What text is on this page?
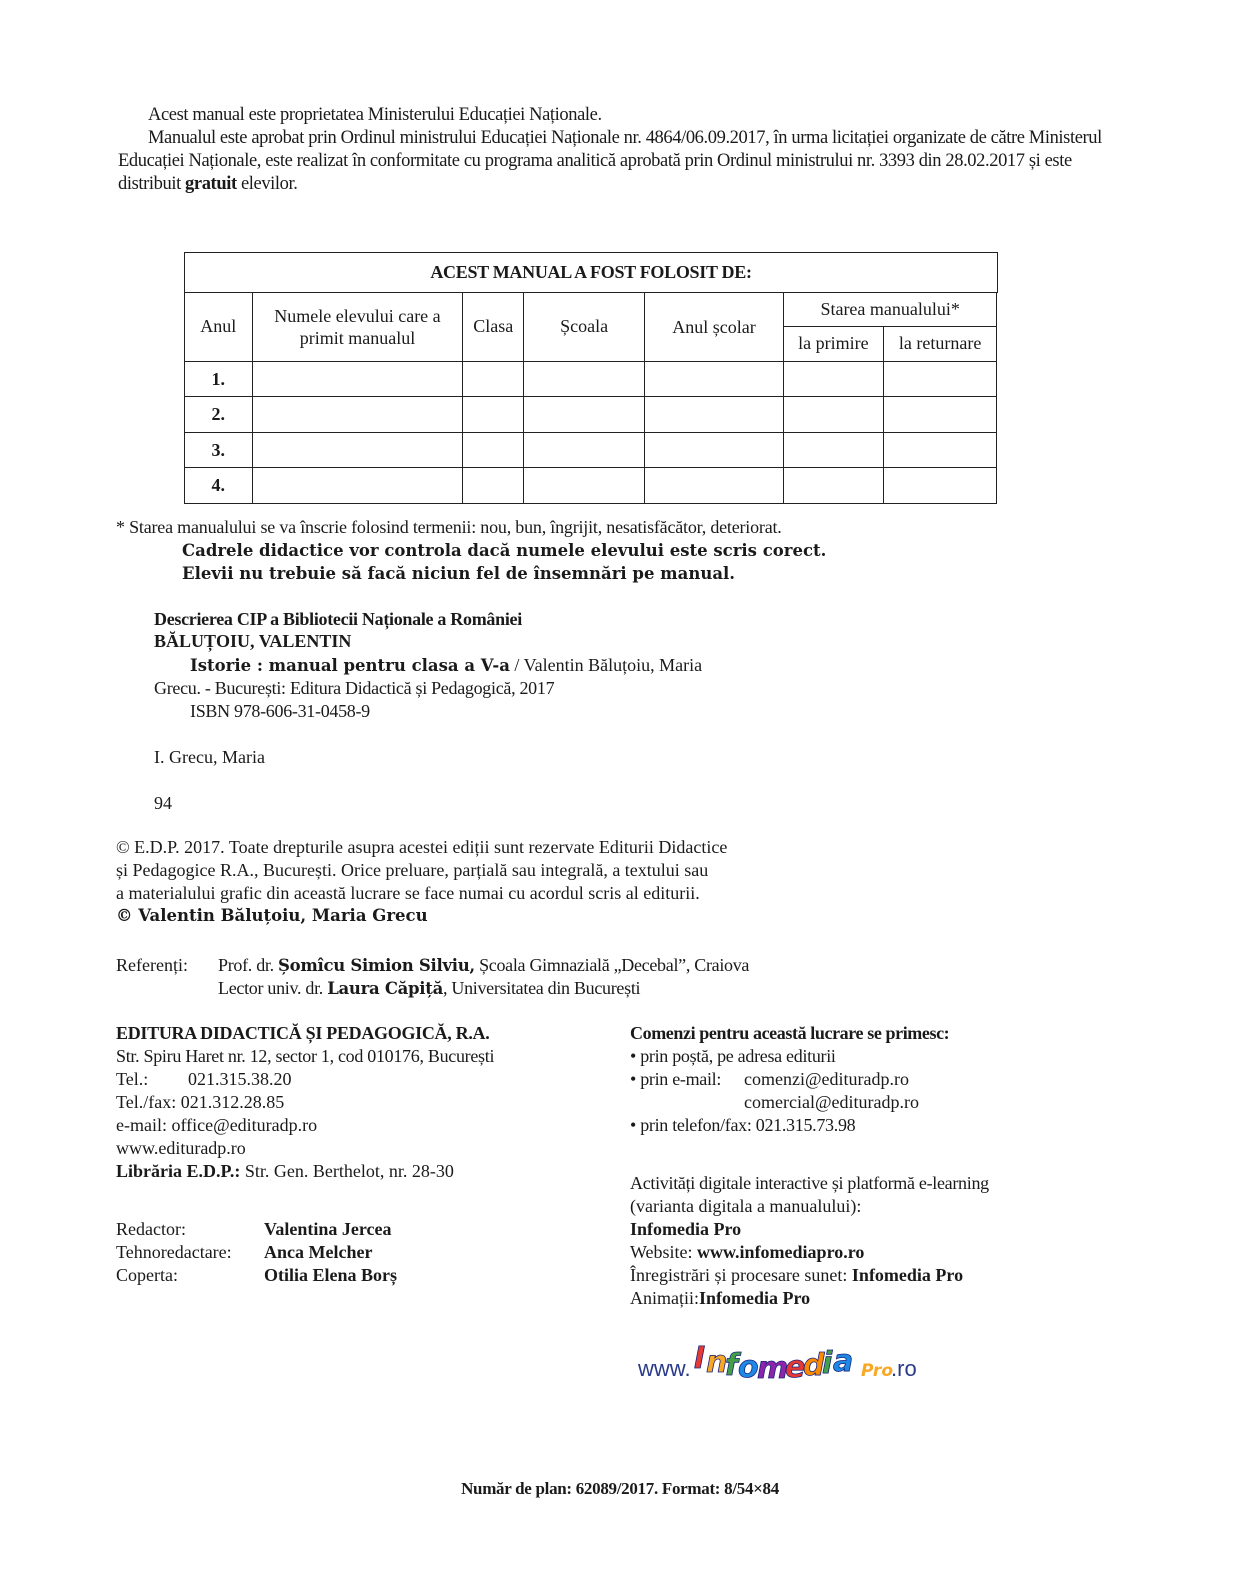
Acest manual este proprietatea Ministerului Educației Naționale.

Manualul este aprobat prin Ordinul ministrului Educației Naționale nr. 4864/06.09.2017, în urma licitației organizate de către Ministerul Educației Naționale, este realizat în conformitate cu programa analitică aprobată prin Ordinul ministrului nr. 3393 din 28.02.2017 și este distribuit gratuit elevilor.

ACEST MANUAL A FOST FOLOSIT DE:							
Anul	Numele elevului care a primit manualul	Clasa	Școala	Anul școlar	Starea manualului*		
					la primire	la returnare	
1.							
2.							
3.							
4.							
* Starea manualului se va înscrie folosind termenii: nou, bun, îngrijit, nesatisfăcător, deteriorat.
Cadrele didactice vor controla dacă numele elevului este scris corect.
Elevii nu trebuie să facă niciun fel de însemnări pe manual.
Descrierea CIP a Bibliotecii Naționale a României
BĂLUȚOIU, VALENTIN
Istorie : manual pentru clasa a V-a / Valentin Băluțoiu, Maria
Grecu. - București: Editura Didactică și Pedagogică, 2017
ISBN 978-606-31-0458-9
I. Grecu, Maria
94
© E.D.P. 2017. Toate drepturile asupra acestei ediții sunt rezervate Editurii Didactice
și Pedagogice R.A., București. Orice preluare, parțială sau integrală, a textului sau
a materialului grafic din această lucrare se face numai cu acordul scris al editurii.
© Valentin Băluțoiu, Maria Grecu
Referenți: Prof. dr. Șomîcu Simion Silviu, Școala Gimnazială „Decebal”, Craiova
Lector univ. dr. Laura Căpiță, Universitatea din București
EDITURA DIDACTICĂ ȘI PEDAGOGICĂ, R.A.
Str. Spiru Haret nr. 12, sector 1, cod 010176, București
Tel.: 021.315.38.20
Tel./fax: 021.312.28.85
e-mail: office@edituradp.ro
www.edituradp.ro
Librăria E.D.P.: Str. Gen. Berthelot, nr. 28-30
Comenzi pentru această lucrare se primesc:
• prin poștă, pe adresa editurii
• prin e-mail: comenzi@edituradp.ro
comercial@edituradp.ro
• prin telefon/fax: 021.315.73.98
Redactor:	Valentina Jercea
Tehnoredactare: Anca Melcher
Coperta:	Otilia Elena Borș
Activități digitale interactive și platformă e-learning
(varianta digitala a manualului):
Infomedia Pro
Website: www.infomediapro.ro
Înregistrări și procesare sunet: Infomedia Pro
Animații:Infomedia Pro
www. I n
f o
m
e
d
i a Pro
.ro
Număr de plan: 62089/2017. Format: 8/54×84
